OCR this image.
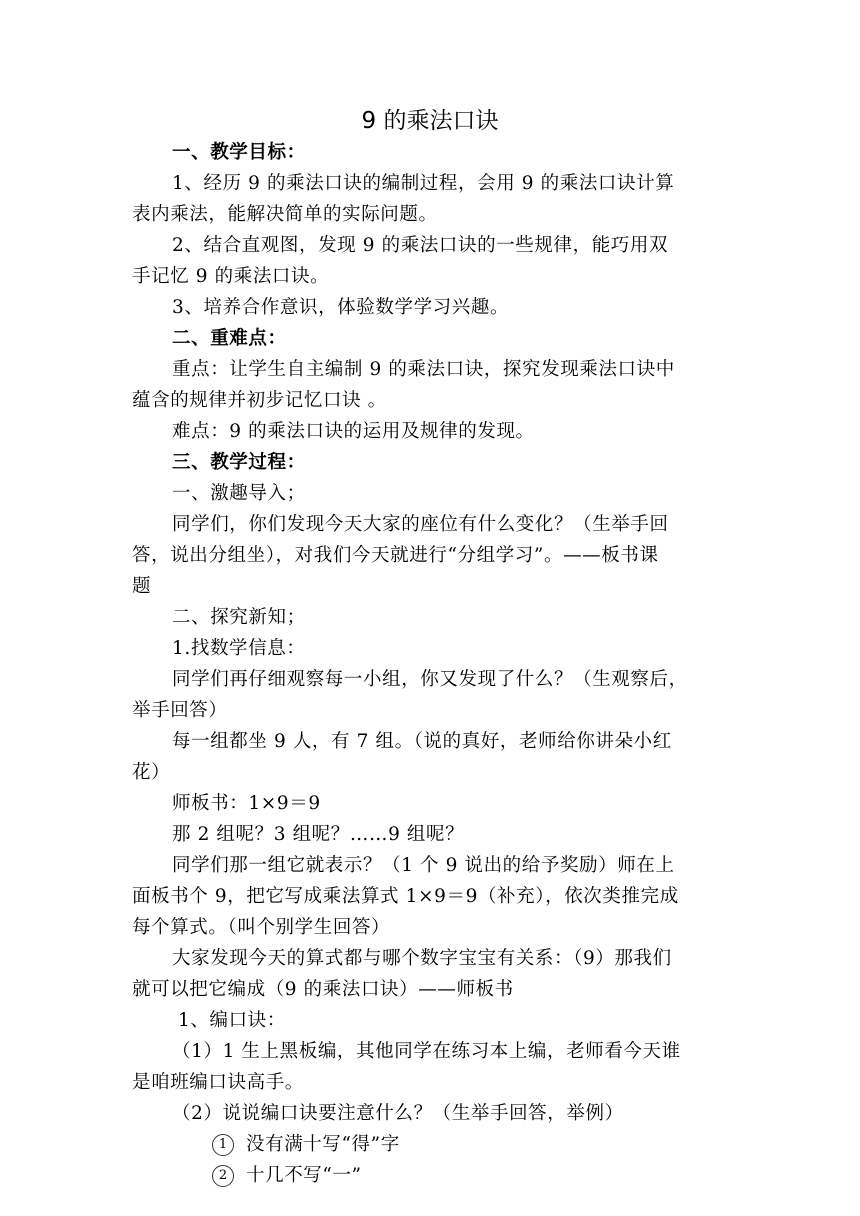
9 的乘法口诀
一、教学目标：
1、经历 9 的乘法口诀的编制过程，会用 9 的乘法口诀计算
表内乘法，能解决简单的实际问题。
2、结合直观图，发现 9 的乘法口诀的一些规律，能巧用双
手记忆 9 的乘法口诀。
3、培养合作意识，体验数学学习兴趣。
二、重难点：
重点：让学生自主编制 9 的乘法口诀，探究发现乘法口诀中
蕴含的规律并初步记忆口诀 。
难点：9 的乘法口诀的运用及规律的发现。
三、教学过程：
一、激趣导入；
同学们，你们发现今天大家的座位有什么变化？（生举手回
答，说出分组坐），对我们今天就进行“分组学习”。——板书课
题
二、探究新知；
1.找数学信息：
同学们再仔细观察每一小组，你又发现了什么？（生观察后，
举手回答）
每一组都坐 9 人，有 7 组。（说的真好，老师给你讲朵小红
花）
师板书：1×9＝9
那 2 组呢？3 组呢？……9 组呢？
同学们那一组它就表示？（1 个 9 说出的给予奖励）师在上
面板书个 9，把它写成乘法算式 1×9＝9（补充），依次类推完成
每个算式。（叫个别学生回答）
大家发现今天的算式都与哪个数字宝宝有关系：（9）那我们
就可以把它编成（9 的乘法口诀）——师板书
1、编口诀：
（1）1 生上黑板编，其他同学在练习本上编，老师看今天谁
是咱班编口诀高手。
（2）说说编口诀要注意什么？（生举手回答，举例）
1 没有满十写“得”字
2 十几不写“一”
